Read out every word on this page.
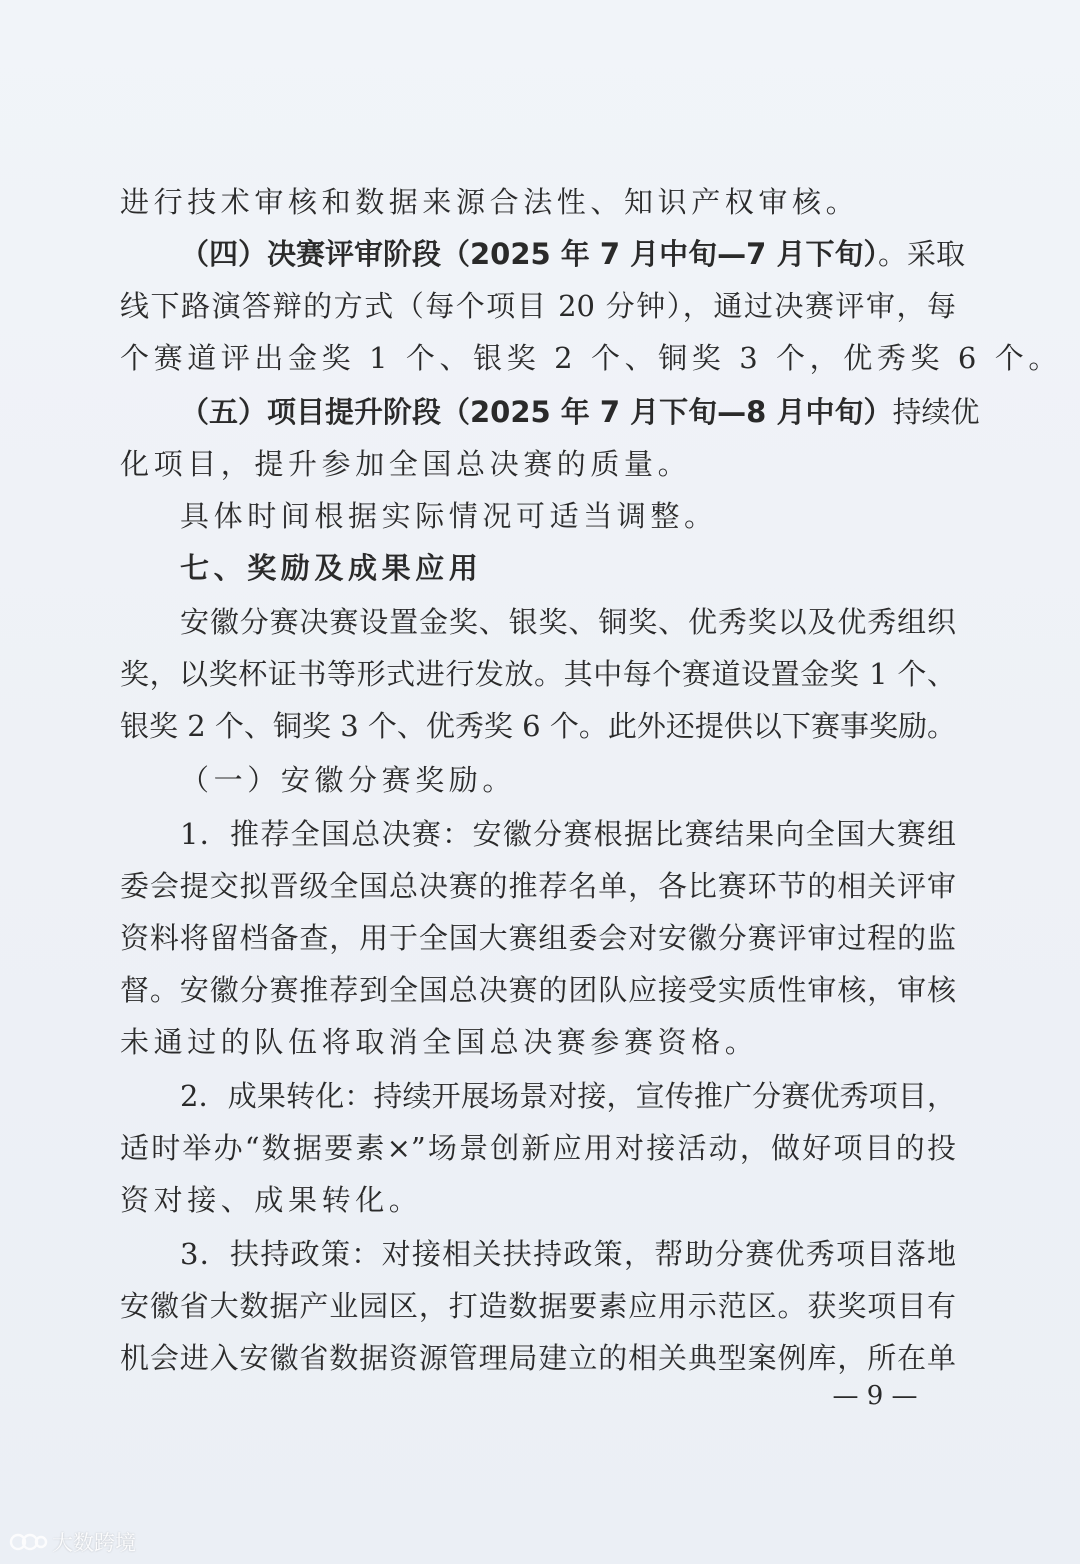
进行技术审核和数据来源合法性、知识产权审核。
（四）决赛评审阶段（2025 年 7 月中旬—7 月下旬）。采取
线下路演答辩的方式（每个项目 20 分钟），通过决赛评审，每
个赛道评出金奖 1 个、银奖 2 个、铜奖 3 个，优秀奖 6 个。
（五）项目提升阶段（2025 年 7 月下旬—8 月中旬）持续优
化项目，提升参加全国总决赛的质量。
具体时间根据实际情况可适当调整。
七、奖励及成果应用
安徽分赛决赛设置金奖、银奖、铜奖、优秀奖以及优秀组织
奖，以奖杯证书等形式进行发放。其中每个赛道设置金奖 1 个、
银奖 2 个、铜奖 3 个、优秀奖 6 个。此外还提供以下赛事奖励。
（一）安徽分赛奖励。
1．推荐全国总决赛：安徽分赛根据比赛结果向全国大赛组
委会提交拟晋级全国总决赛的推荐名单，各比赛环节的相关评审
资料将留档备查，用于全国大赛组委会对安徽分赛评审过程的监
督。安徽分赛推荐到全国总决赛的团队应接受实质性审核，审核
未通过的队伍将取消全国总决赛参赛资格。
2．成果转化：持续开展场景对接，宣传推广分赛优秀项目，
适时举办“数据要素×”场景创新应用对接活动，做好项目的投
资对接、成果转化。
3．扶持政策：对接相关扶持政策，帮助分赛优秀项目落地
安徽省大数据产业园区，打造数据要素应用示范区。获奖项目有
机会进入安徽省数据资源管理局建立的相关典型案例库，所在单
— 9 —
大数跨境
